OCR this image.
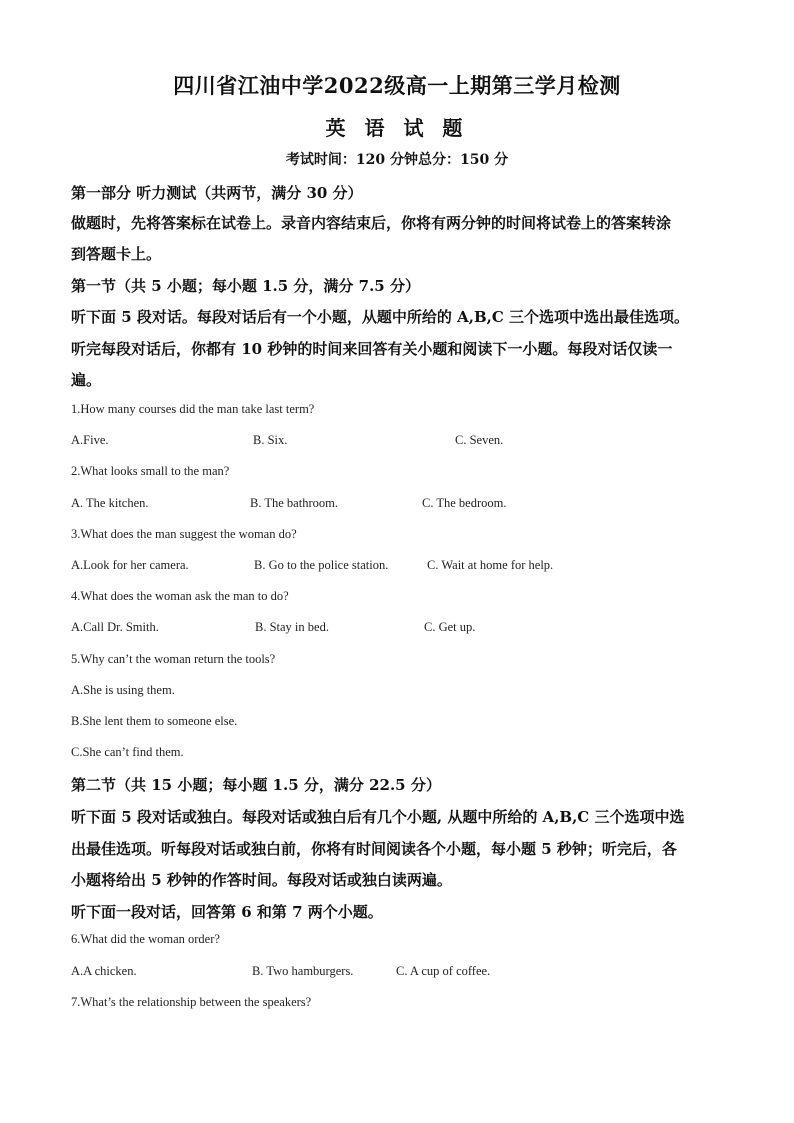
四川省江油中学2022级高一上期第三学月检测
英 语 试 题
考试时间：120 分钟总分：150 分
第一部分 听力测试（共两节，满分 30 分）
做题时，先将答案标在试卷上。录音内容结束后，你将有两分钟的时间将试卷上的答案转涂
到答题卡上。
第一节（共 5 小题；每小题 1.5 分，满分 7.5 分）
听下面 5 段对话。每段对话后有一个小题，从题中所给的 A,B,C 三个选项中选出最佳选项。
听完每段对话后，你都有 10 秒钟的时间来回答有关小题和阅读下一小题。每段对话仅读一
遍。
1.How many courses did the man take last term?
A.Five.	B. Six.	C. Seven.
2.What looks small to the man?
A. The kitchen.	B. The bathroom.	C. The bedroom.
3.What does the man suggest the woman do?
A.Look for her camera.	B. Go to the police station.	C. Wait at home for help.
4.What does the woman ask the man to do?
A.Call Dr. Smith.	B. Stay in bed.	C. Get up.
5.Why can’t the woman return the tools?
A.She is using them.
B.She lent them to someone else.
C.She can’t find them.
第二节（共 15 小题；每小题 1.5 分，满分 22.5 分）
听下面 5 段对话或独白。每段对话或独白后有几个小题, 从题中所给的 A,B,C 三个选项中选
出最佳选项。听每段对话或独白前，你将有时间阅读各个小题，每小题 5 秒钟；听完后，各
小题将给出 5 秒钟的作答时间。每段对话或独白读两遍。
听下面一段对话，回答第 6 和第 7 两个小题。
6.What did the woman order?
A.A chicken.	B. Two hamburgers.	C. A cup of coffee.
7.What’s the relationship between the speakers?
